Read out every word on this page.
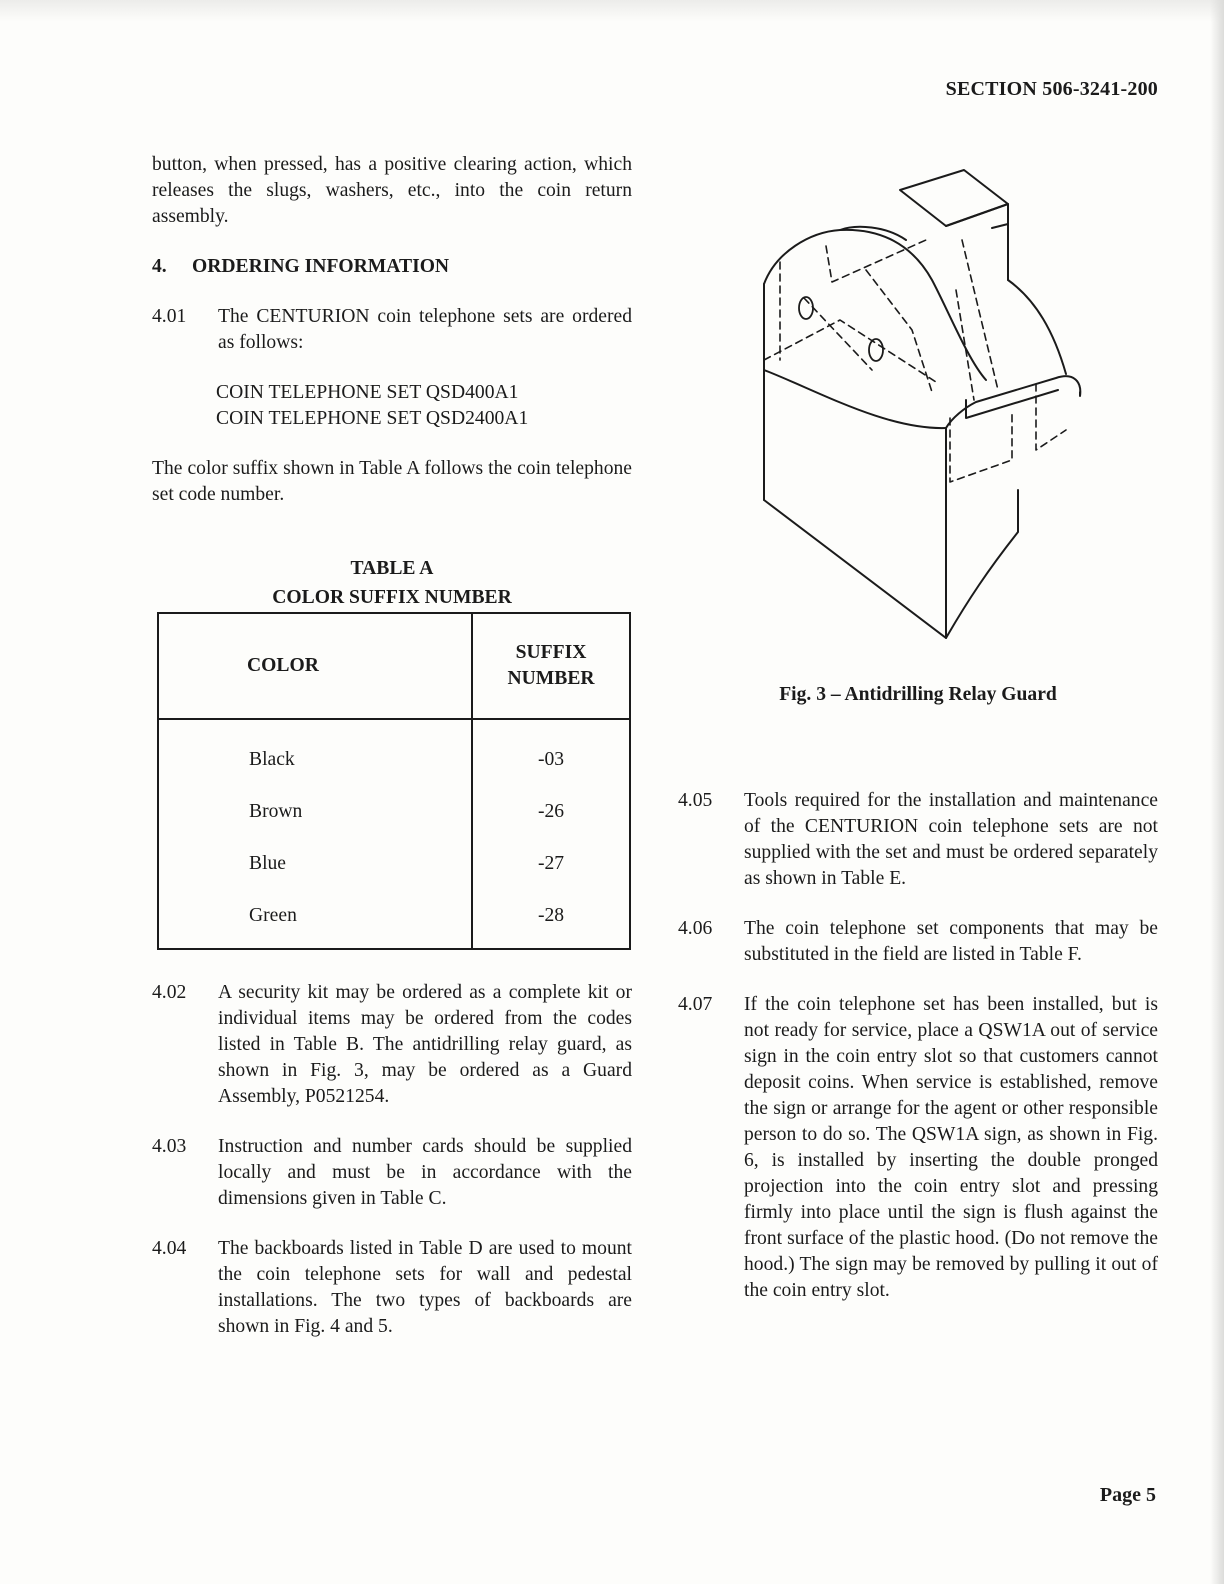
SECTION 506-3241-200

button, when pressed, has a positive clearing action, which releases the slugs, washers, etc., into the coin return assembly.

4. ORDERING INFORMATION

4.01 The CENTURION coin telephone sets are ordered as follows:

COIN TELEPHONE SET QSD400A1
COIN TELEPHONE SET QSD2400A1

The color suffix shown in Table A follows the coin telephone set code number.

TABLE A
COLOR SUFFIX NUMBER
COLOR	SUFFIX
NUMBER
Black	-03
Brown	-26
Blue	-27
Green	-28

4.02 A security kit may be ordered as a complete kit or individual items may be ordered from the codes listed in Table B. The antidrilling relay guard, as shown in Fig. 3, may be ordered as a Guard Assembly, P0521254.

4.03 Instruction and number cards should be supplied locally and must be in accordance with the dimensions given in Table C.

4.04 The backboards listed in Table D are used to mount the coin telephone sets for wall and pedestal installations. The two types of backboards are shown in Fig. 4 and 5.

Fig. 3 – Antidrilling Relay Guard

4.05 Tools required for the installation and maintenance of the CENTURION coin telephone sets are not supplied with the set and must be ordered separately as shown in Table E.

4.06 The coin telephone set components that may be substituted in the field are listed in Table F.

4.07 If the coin telephone set has been installed, but is not ready for service, place a QSW1A out of service sign in the coin entry slot so that customers cannot deposit coins. When service is established, remove the sign or arrange for the agent or other responsible person to do so. The QSW1A sign, as shown in Fig. 6, is installed by inserting the double pronged projection into the coin entry slot and pressing firmly into place until the sign is flush against the front surface of the plastic hood. (Do not remove the hood.) The sign may be removed by pulling it out of the coin entry slot.

Page 5
